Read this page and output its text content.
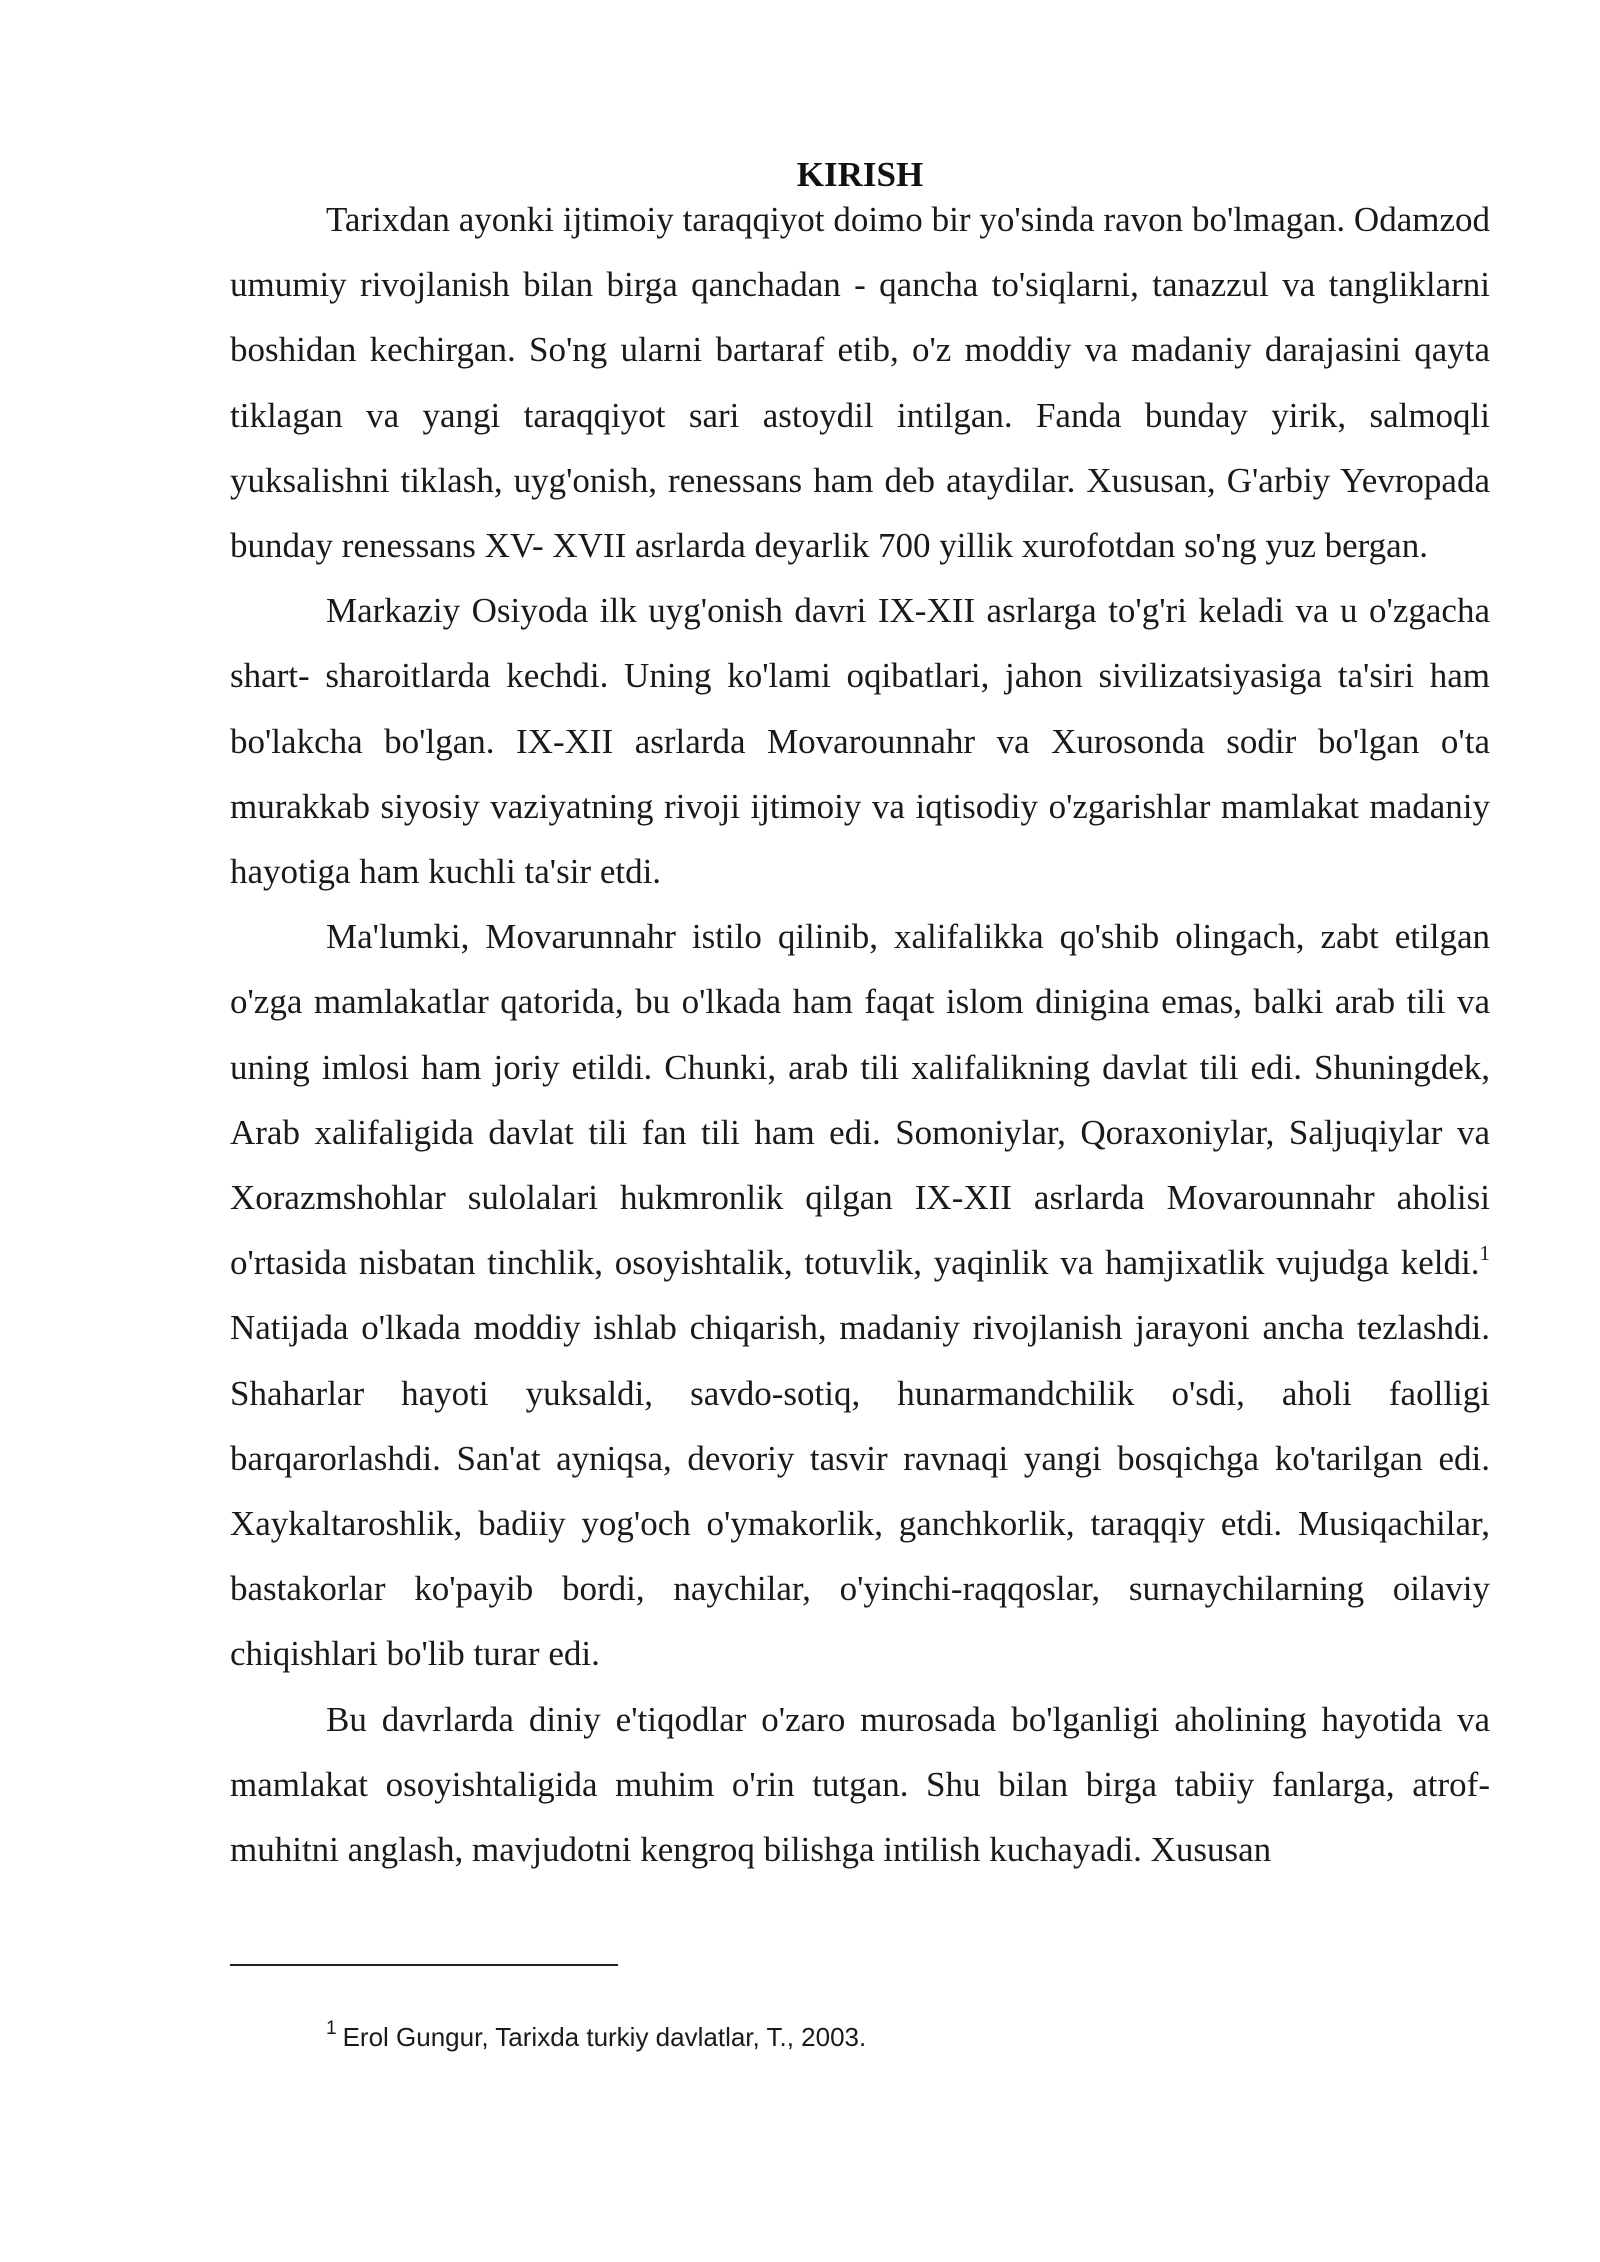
KIRISH

Tarixdan ayonki ijtimoiy taraqqiyot doimo bir yo'sinda ravon bo'lmagan. Odamzod umumiy rivojlanish bilan birga qanchadan - qancha to'siqlarni, tanazzul va tangliklarni boshidan kechirgan. So'ng ularni bartaraf etib, o'z moddiy va madaniy darajasini qayta tiklagan va yangi taraqqiyot sari astoydil intilgan. Fanda bunday yirik, salmoqli yuksalishni tiklash, uyg'onish, renessans ham deb ataydilar. Xususan, G'arbiy Yevropada bunday renessans XV- XVII asrlarda deyarlik 700 yillik xurofotdan so'ng yuz bergan.

Markaziy Osiyoda ilk uyg'onish davri IX-XII asrlarga to'g'ri keladi va u o'zgacha shart- sharoitlarda kechdi. Uning ko'lami oqibatlari, jahon sivilizatsiyasiga ta'siri ham bo'lakcha bo'lgan. IX-XII asrlarda Movarounnahr va Xurosonda sodir bo'lgan o'ta murakkab siyosiy vaziyatning rivoji ijtimoiy va iqtisodiy o'zgarishlar mamlakat madaniy hayotiga ham kuchli ta'sir etdi.

Ma'lumki, Movarunnahr istilo qilinib, xalifalikka qo'shib olingach, zabt etilgan o'zga mamlakatlar qatorida, bu o'lkada ham faqat islom dinigina emas, balki arab tili va uning imlosi ham joriy etildi. Chunki, arab tili xalifalikning davlat tili edi. Shuningdek, Arab xalifaligida davlat tili fan tili ham edi. Somoniylar, Qoraxoniylar, Saljuqiylar va Xorazmshohlar sulolalari hukmronlik qilgan IX-XII asrlarda Movarounnahr aholisi o'rtasida nisbatan tinchlik, osoyishtalik, totuvlik, yaqinlik va hamjixatlik vujudga keldi.$^1$ Natijada o'lkada moddiy ishlab chiqarish, madaniy rivojlanish jarayoni ancha tezlashdi. Shaharlar hayoti yuksaldi, savdo-sotiq, hunarmandchilik o'sdi, aholi faolligi barqarorlashdi. San'at ayniqsa, devoriy tasvir ravnaqi yangi bosqichga ko'tarilgan edi. Xaykaltaroshlik, badiiy yog'och o'ymakorlik, ganchkorlik, taraqqiy etdi. Musiqachilar, bastakorlar ko'payib bordi, naychilar, o'yinchi-raqqoslar, surnaychilarning oilaviy chiqishlari bo'lib turar edi.

Bu davrlarda diniy e'tiqodlar o'zaro murosada bo'lganligi aholining hayotida va mamlakat osoyishtaligida muhim o'rin tutgan. Shu bilan birga tabiiy fanlarga, atrof-muhitni anglash, mavjudotni kengroq bilishga intilish kuchayadi. Xususan

$^1$ Erol Gungur, Tarixda turkiy davlatlar, T., 2003.
